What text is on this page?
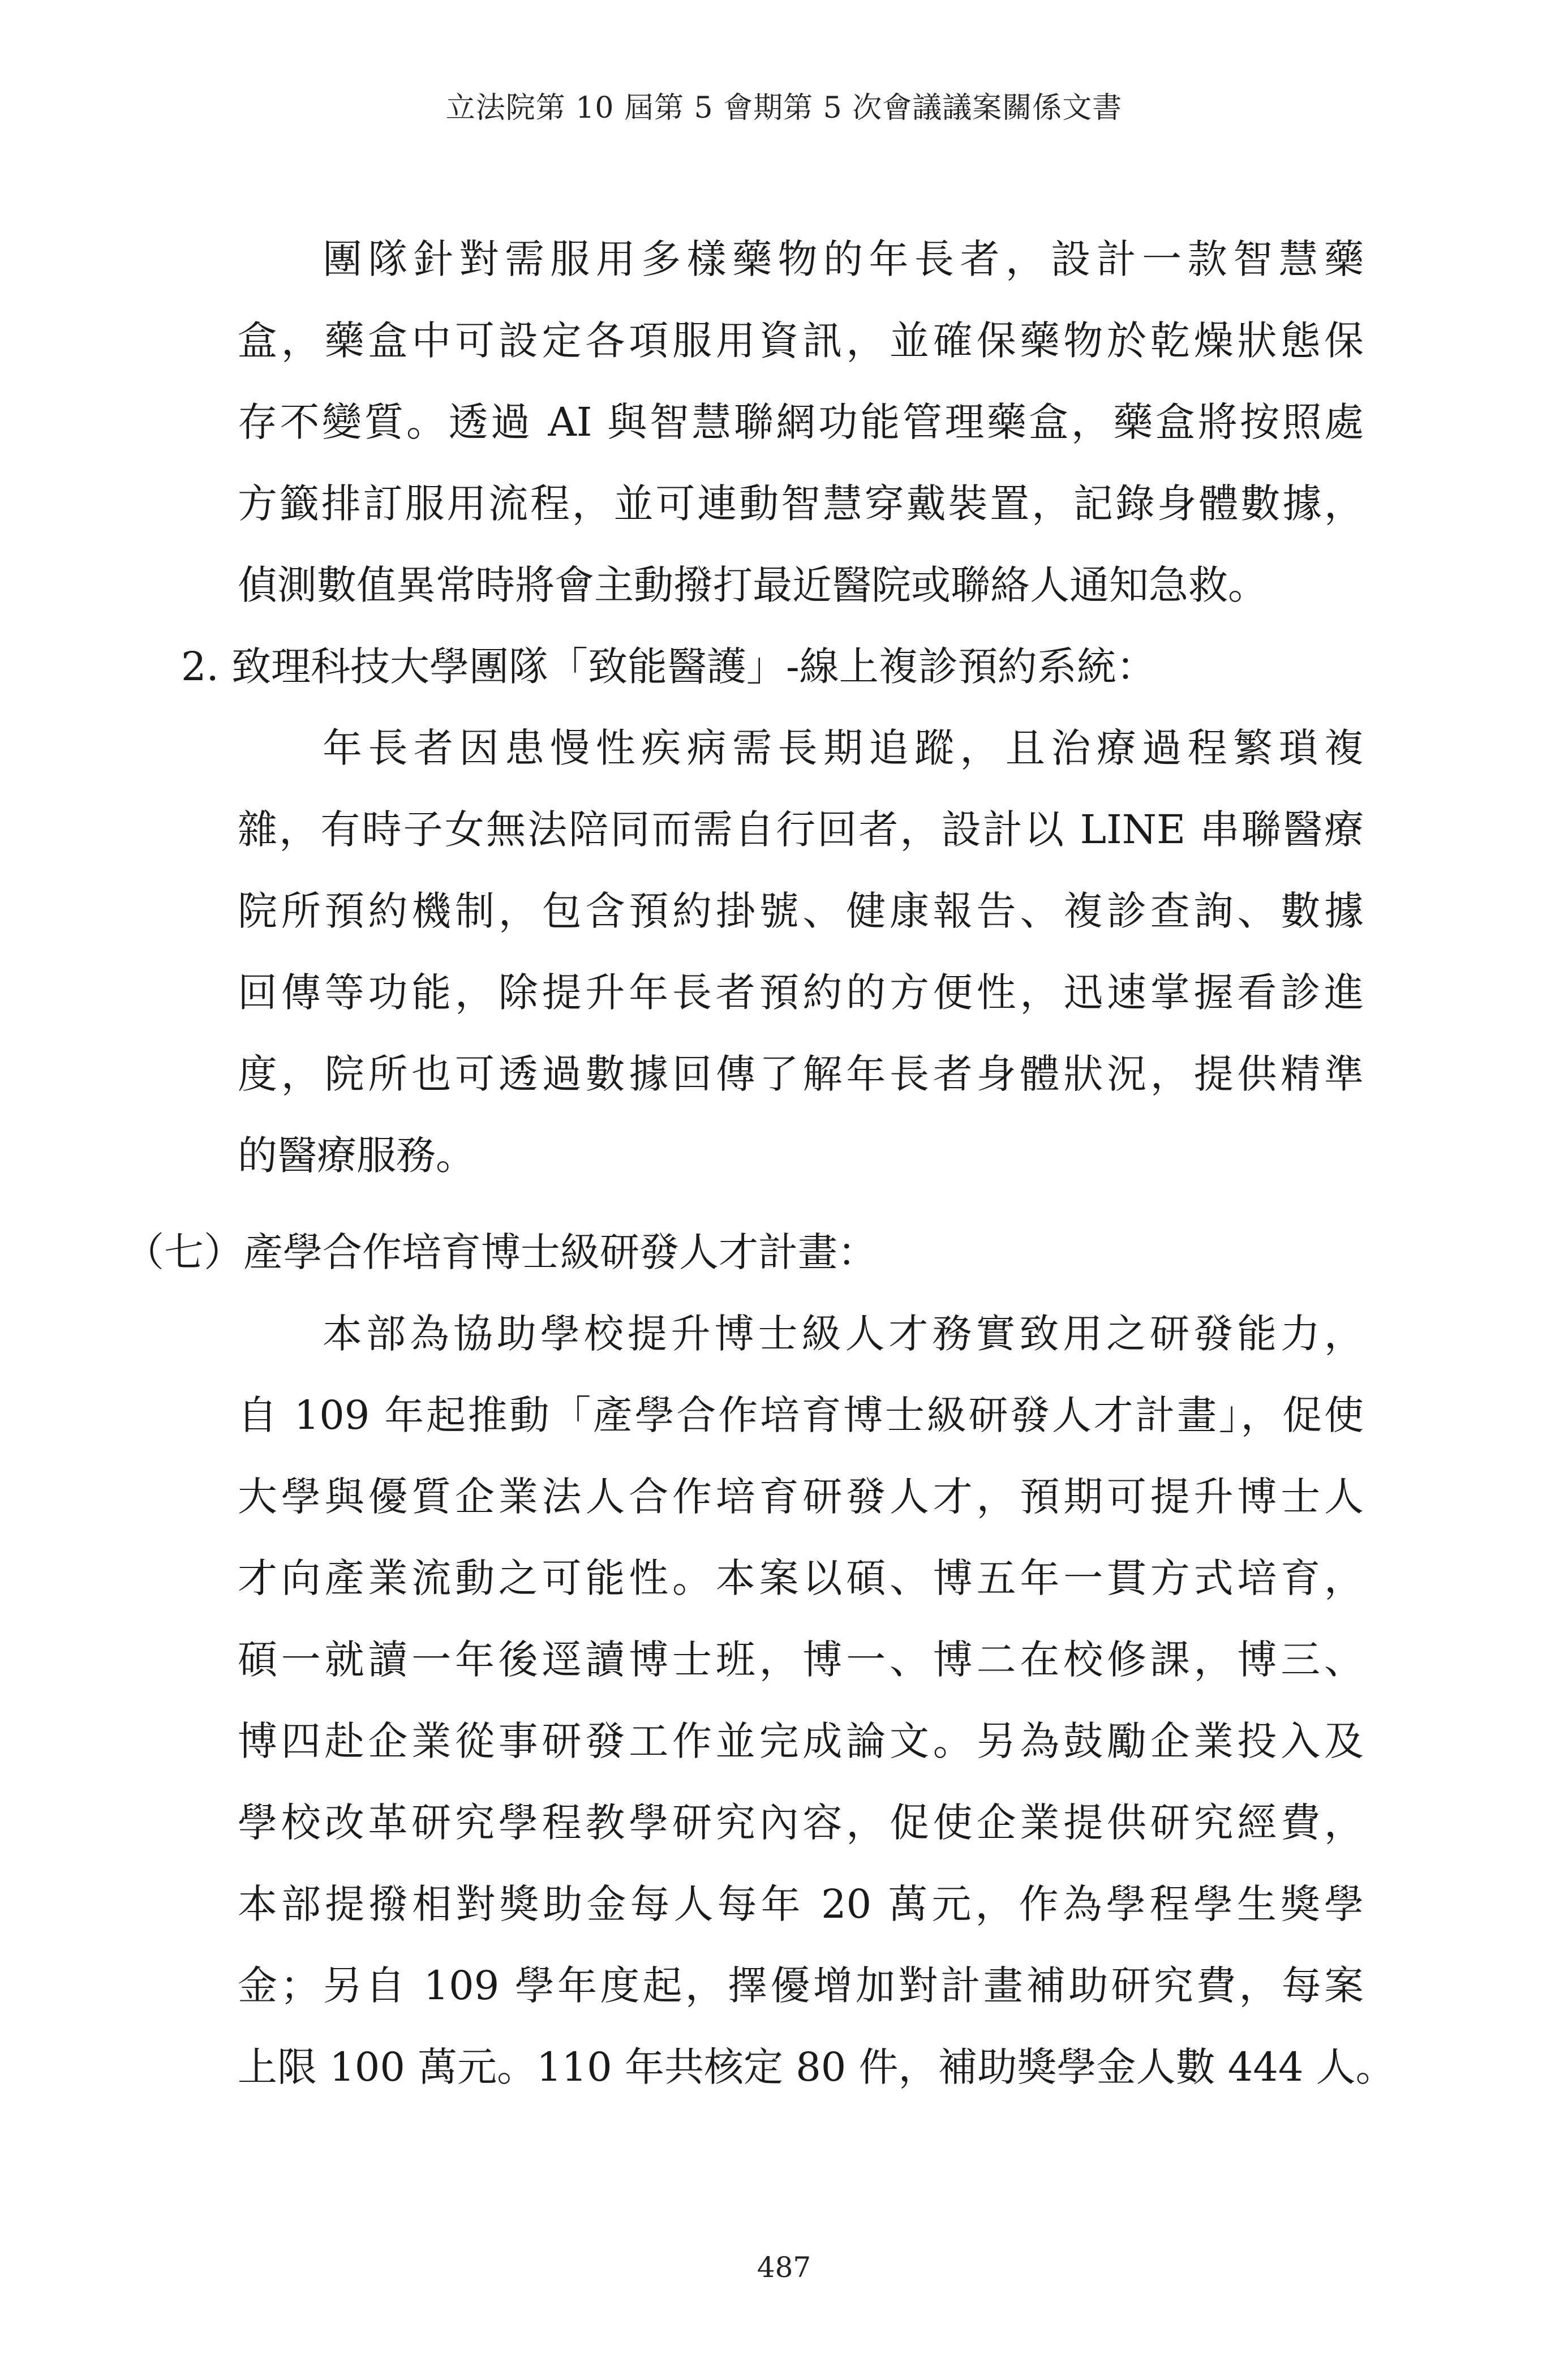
立法院第 10 屆第 5 會期第 5 次會議議案關係文書
團隊針對需服用多樣藥物的年長者，設計一款智慧藥
盒，藥盒中可設定各項服用資訊，並確保藥物於乾燥狀態保
存不變質。透過 AI 與智慧聯網功能管理藥盒，藥盒將按照處
方籤排訂服用流程，並可連動智慧穿戴裝置，記錄身體數據，
偵測數值異常時將會主動撥打最近醫院或聯絡人通知急救。
2. 致理科技大學團隊「致能醫護」-線上複診預約系統：
年長者因患慢性疾病需長期追蹤，且治療過程繁瑣複
雜，有時子女無法陪同而需自行回者，設計以 LINE 串聯醫療
院所預約機制，包含預約掛號、健康報告、複診查詢、數據
回傳等功能，除提升年長者預約的方便性，迅速掌握看診進
度，院所也可透過數據回傳了解年長者身體狀況，提供精準
的醫療服務。
（七）產學合作培育博士級研發人才計畫：
本部為協助學校提升博士級人才務實致用之研發能力，
自 109 年起推動「產學合作培育博士級研發人才計畫」，促使
大學與優質企業法人合作培育研發人才，預期可提升博士人
才向產業流動之可能性。本案以碩、博五年一貫方式培育，
碩一就讀一年後逕讀博士班，博一、博二在校修課，博三、
博四赴企業從事研發工作並完成論文。另為鼓勵企業投入及
學校改革研究學程教學研究內容，促使企業提供研究經費，
本部提撥相對獎助金每人每年 20 萬元，作為學程學生獎學
金；另自 109 學年度起，擇優增加對計畫補助研究費，每案
上限 100 萬元。110 年共核定 80 件，補助獎學金人數 444 人。
487
